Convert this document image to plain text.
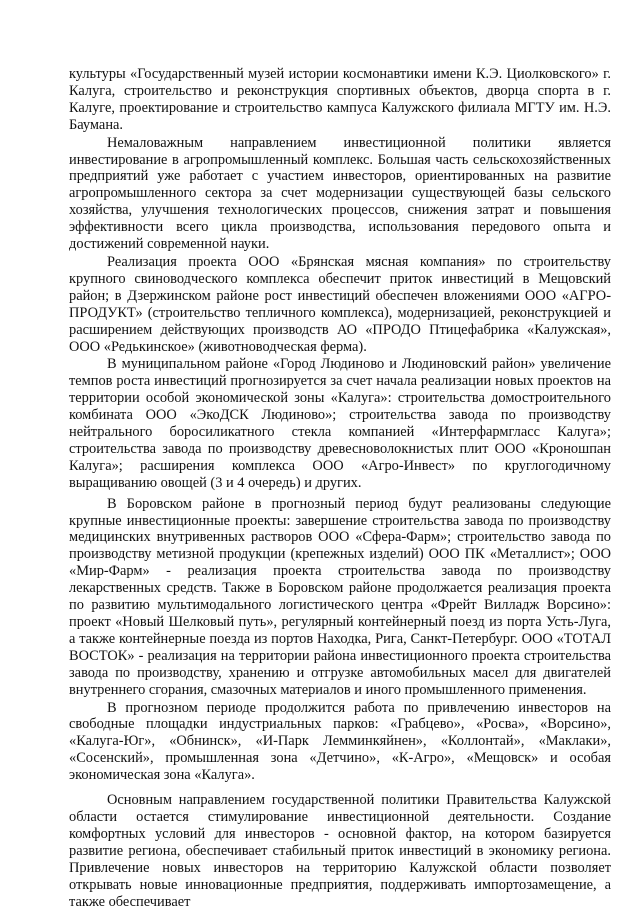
культуры «Государственный музей истории космонавтики имени К.Э. Циолковского» г. Калуга, строительство и реконструкция спортивных объектов, дворца спорта в г. Калуге, проектирование и строительство кампуса Калужского филиала МГТУ им. Н.Э. Баумана.

Немаловажным направлением инвестиционной политики является инвестирование в агропромышленный комплекс. Большая часть сельскохозяйственных предприятий уже работает с участием инвесторов, ориентированных на развитие агропромышленного сектора за счет модернизации существующей базы сельского хозяйства, улучшения технологических процессов, снижения затрат и повышения эффективности всего цикла производства, использования передового опыта и достижений современной науки.

Реализация проекта ООО «Брянская мясная компания» по строительству крупного свиноводческого комплекса обеспечит приток инвестиций в Мещовский район; в Дзержинском районе рост инвестиций обеспечен вложениями ООО «АГРО-ПРОДУКТ» (строительство тепличного комплекса), модернизацией, реконструкцией и расширением действующих производств АО «ПРОДО Птицефабрика «Калужская», ООО «Редькинское» (животноводческая ферма).

В муниципальном районе «Город Людиново и Людиновский район» увеличение темпов роста инвестиций прогнозируется за счет начала реализации новых проектов на территории особой экономической зоны «Калуга»: строительства домостроительного комбината ООО «ЭкоДСК Людиново»; строительства завода по производству нейтрального боросиликатного стекла компанией «Интерфармгласс Калуга»; строительства завода по производству древесноволокнистых плит ООО «Кроношпан Калуга»; расширения комплекса ООО «Агро-Инвест» по круглогодичному выращиванию овощей (3 и 4 очередь) и других.

В Боровском районе в прогнозный период будут реализованы следующие крупные инвестиционные проекты: завершение строительства завода по производству медицинских внутривенных растворов ООО «Сфера-Фарм»; строительство завода по производству метизной продукции (крепежных изделий) ООО ПК «Металлист»; ООО «Мир-Фарм» - реализация проекта строительства завода по производству лекарственных средств. Также в Боровском районе продолжается реализация проекта по развитию мультимодального логистического центра «Фрейт Вилладж Ворсино»: проект «Новый Шелковый путь», регулярный контейнерный поезд из порта Усть-Луга, а также контейнерные поезда из портов Находка, Рига, Санкт-Петербург. ООО «ТОТАЛ ВОСТОК» - реализация на территории района инвестиционного проекта строительства завода по производству, хранению и отгрузке автомобильных масел для двигателей внутреннего сгорания, смазочных материалов и иного промышленного применения.

В прогнозном периоде продолжится работа по привлечению инвесторов на свободные площадки индустриальных парков: «Грабцево», «Росва», «Ворсино», «Калуга-Юг», «Обнинск», «И-Парк Лемминкяйнен», «Коллонтай», «Маклаки», «Сосенский», промышленная зона «Детчино», «К-Агро», «Мещовск» и особая экономическая зона «Калуга».

Основным направлением государственной политики Правительства Калужской области остается стимулирование инвестиционной деятельности. Создание комфортных условий для инвесторов - основной фактор, на котором базируется развитие региона, обеспечивает стабильный приток инвестиций в экономику региона. Привлечение новых инвесторов на территорию Калужской области позволяет открывать новые инновационные предприятия, поддерживать импортозамещение, а также обеспечивает
